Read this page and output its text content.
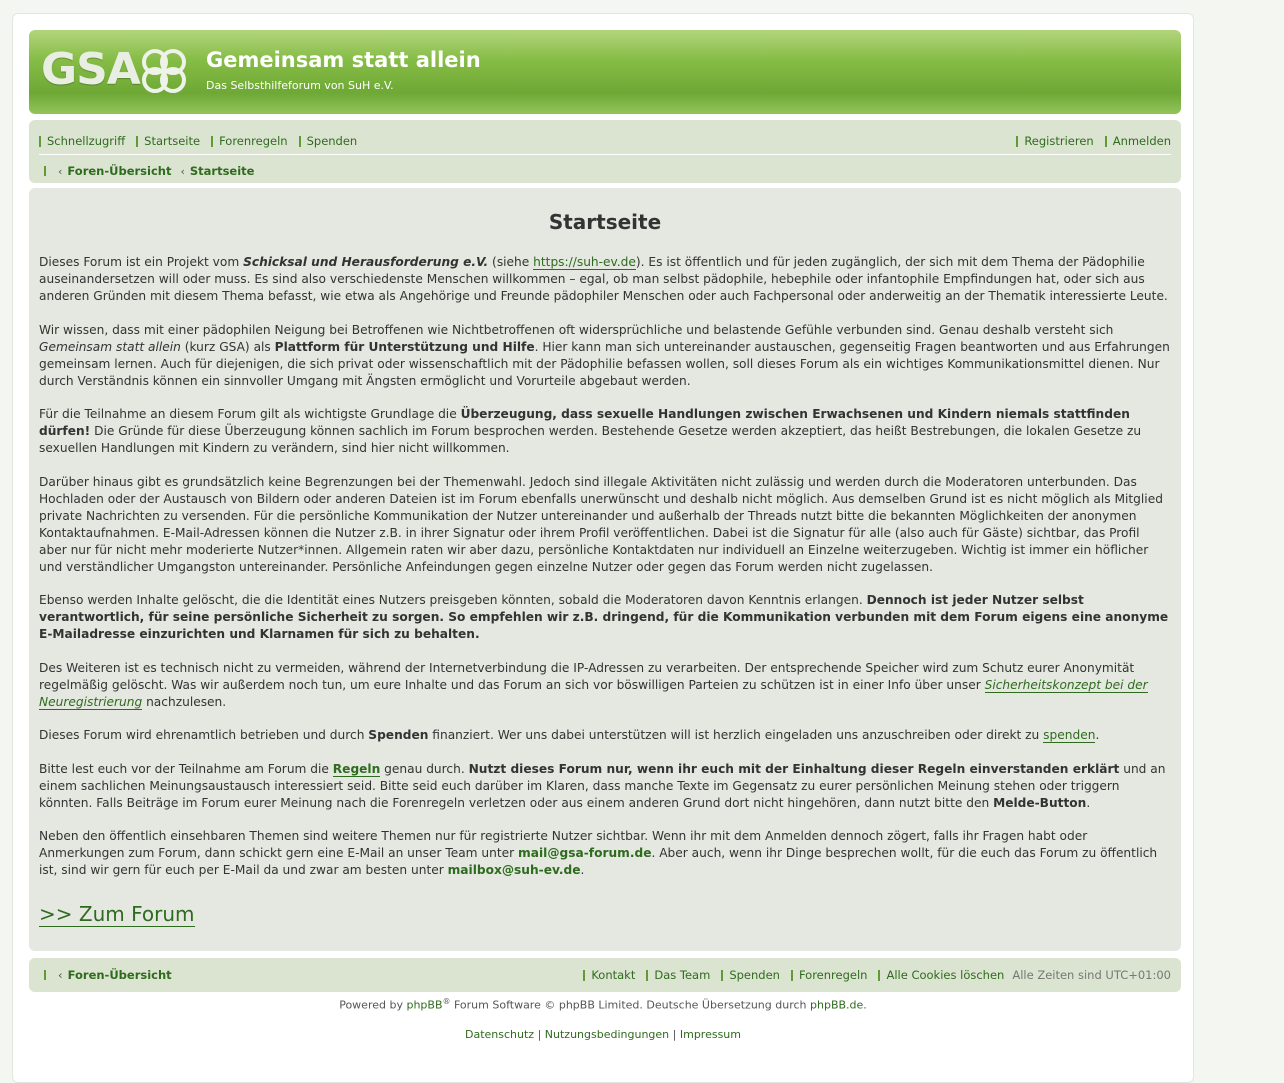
GSA	Gemeinsam statt allein
Das Selbsthilfeforum von SuH e.V.
Schnellzugriff Startseite Forenregeln Spenden	Registrieren Anmelden
‹ Foren-Übersicht ‹ Startseite
Startseite

Dieses Forum ist ein Projekt vom Schicksal und Herausforderung e.V. (siehe https://suh-ev.de). Es ist öffentlich und für jeden zugänglich, der sich mit dem Thema der Pädophilie auseinandersetzen will oder muss. Es sind also verschiedenste Menschen willkommen – egal, ob man selbst pädophile, hebephile oder infantophile Empfindungen hat, oder sich aus anderen Gründen mit diesem Thema befasst, wie etwa als Angehörige und Freunde pädophiler Menschen oder auch Fachpersonal oder anderweitig an der Thematik interessierte Leute.

Wir wissen, dass mit einer pädophilen Neigung bei Betroffenen wie Nichtbetroffenen oft widersprüchliche und belastende Gefühle verbunden sind. Genau deshalb versteht sich Gemeinsam statt allein (kurz GSA) als Plattform für Unterstützung und Hilfe. Hier kann man sich untereinander austauschen, gegenseitig Fragen beantworten und aus Erfahrungen gemeinsam lernen. Auch für diejenigen, die sich privat oder wissenschaftlich mit der Pädophilie befassen wollen, soll dieses Forum als ein wichtiges Kommunikationsmittel dienen. Nur durch Verständnis können ein sinnvoller Umgang mit Ängsten ermöglicht und Vorurteile abgebaut werden.

Für die Teilnahme an diesem Forum gilt als wichtigste Grundlage die Überzeugung, dass sexuelle Handlungen zwischen Erwachsenen und Kindern niemals stattfinden dürfen! Die Gründe für diese Überzeugung können sachlich im Forum besprochen werden. Bestehende Gesetze werden akzeptiert, das heißt Bestrebungen, die lokalen Gesetze zu sexuellen Handlungen mit Kindern zu verändern, sind hier nicht willkommen.

Darüber hinaus gibt es grundsätzlich keine Begrenzungen bei der Themenwahl. Jedoch sind illegale Aktivitäten nicht zulässig und werden durch die Moderatoren unterbunden. Das Hochladen oder der Austausch von Bildern oder anderen Dateien ist im Forum ebenfalls unerwünscht und deshalb nicht möglich. Aus demselben Grund ist es nicht möglich als Mitglied private Nachrichten zu versenden. Für die persönliche Kommunikation der Nutzer untereinander und außerhalb der Threads nutzt bitte die bekannten Möglichkeiten der anonymen Kontaktaufnahmen. E-Mail-Adressen können die Nutzer z.B. in ihrer Signatur oder ihrem Profil veröffentlichen. Dabei ist die Signatur für alle (also auch für Gäste) sichtbar, das Profil aber nur für nicht mehr moderierte Nutzer*innen. Allgemein raten wir aber dazu, persönliche Kontaktdaten nur individuell an Einzelne weiterzugeben. Wichtig ist immer ein höflicher und verständlicher Umgangston untereinander. Persönliche Anfeindungen gegen einzelne Nutzer oder gegen das Forum werden nicht zugelassen.

Ebenso werden Inhalte gelöscht, die die Identität eines Nutzers preisgeben könnten, sobald die Moderatoren davon Kenntnis erlangen. Dennoch ist jeder Nutzer selbst verantwortlich, für seine persönliche Sicherheit zu sorgen. So empfehlen wir z.B. dringend, für die Kommunikation verbunden mit dem Forum eigens eine anonyme E-Mailadresse einzurichten und Klarnamen für sich zu behalten.

Des Weiteren ist es technisch nicht zu vermeiden, während der Internetverbindung die IP-Adressen zu verarbeiten. Der entsprechende Speicher wird zum Schutz eurer Anonymität regelmäßig gelöscht. Was wir außerdem noch tun, um eure Inhalte und das Forum an sich vor böswilligen Parteien zu schützen ist in einer Info über unser Sicherheitskonzept bei der Neuregistrierung nachzulesen.

Dieses Forum wird ehrenamtlich betrieben und durch Spenden finanziert. Wer uns dabei unterstützen will ist herzlich eingeladen uns anzuschreiben oder direkt zu spenden.

Bitte lest euch vor der Teilnahme am Forum die Regeln genau durch. Nutzt dieses Forum nur, wenn ihr euch mit der Einhaltung dieser Regeln einverstanden erklärt und an einem sachlichen Meinungsaustausch interessiert seid. Bitte seid euch darüber im Klaren, dass manche Texte im Gegensatz zu eurer persönlichen Meinung stehen oder triggern könnten. Falls Beiträge im Forum eurer Meinung nach die Forenregeln verletzen oder aus einem anderen Grund dort nicht hingehören, dann nutzt bitte den Melde-Button.

Neben den öffentlich einsehbaren Themen sind weitere Themen nur für registrierte Nutzer sichtbar. Wenn ihr mit dem Anmelden dennoch zögert, falls ihr Fragen habt oder Anmerkungen zum Forum, dann schickt gern eine E-Mail an unser Team unter mail@gsa-forum.de. Aber auch, wenn ihr Dinge besprechen wollt, für die euch das Forum zu öffentlich ist, sind wir gern für euch per E-Mail da und zwar am besten unter mailbox@suh-ev.de.

>> Zum Forum
‹ Foren-Übersicht	Kontakt Das Team Spenden Forenregeln Alle Cookies löschen Alle Zeiten sind UTC+01:00
Powered by phpBB® Forum Software © phpBB Limited. Deutsche Übersetzung durch phpBB.de.
Datenschutz | Nutzungsbedingungen | Impressum
